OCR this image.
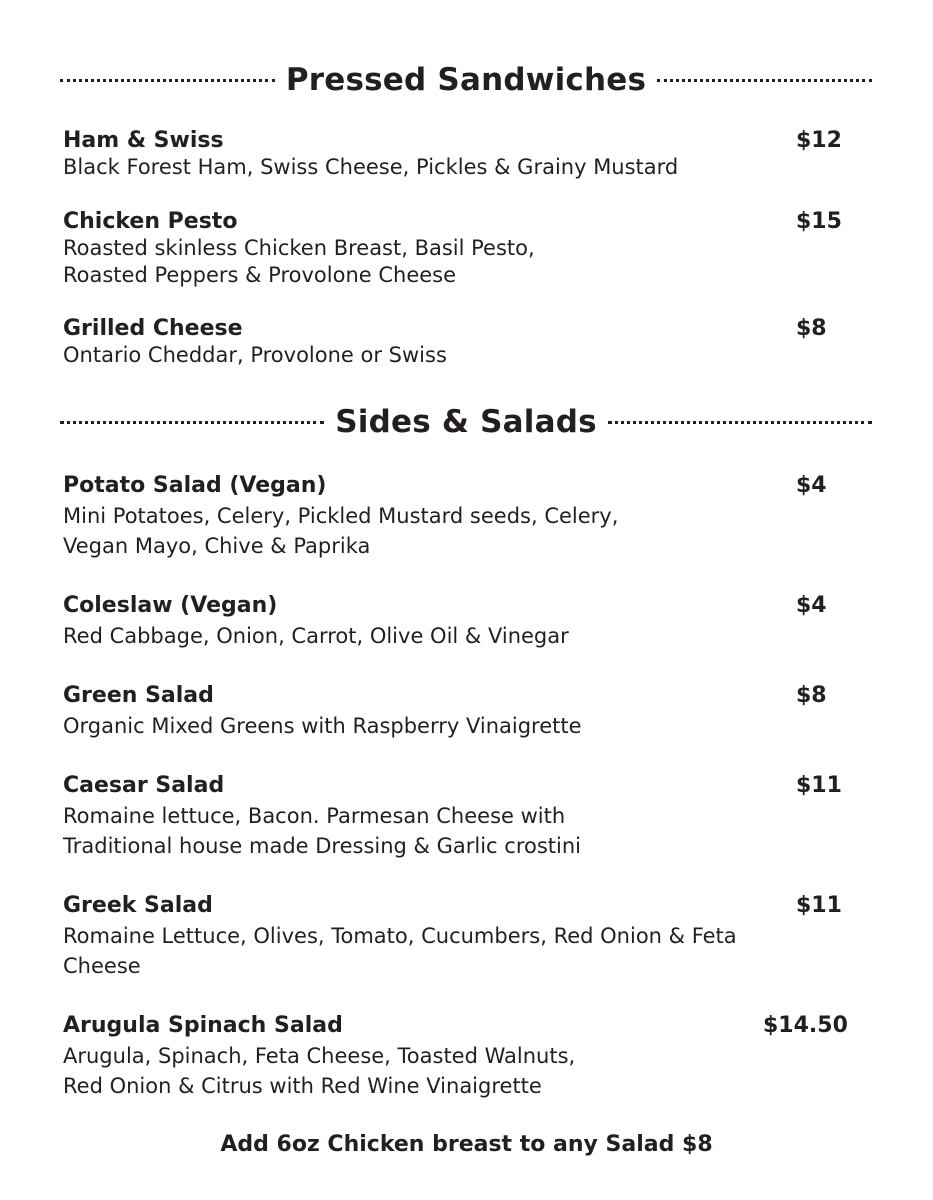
Pressed Sandwiches
Ham & Swiss	$12
Black Forest Ham, Swiss Cheese, Pickles & Grainy Mustard
Chicken Pesto	$15
Roasted skinless Chicken Breast, Basil Pesto,
Roasted Peppers & Provolone Cheese
Grilled Cheese	$8
Ontario Cheddar, Provolone or Swiss
Sides & Salads
Potato Salad (Vegan)	$4
Mini Potatoes, Celery, Pickled Mustard seeds, Celery,
Vegan Mayo, Chive & Paprika
Coleslaw (Vegan)	$4
Red Cabbage, Onion, Carrot, Olive Oil & Vinegar
Green Salad	$8
Organic Mixed Greens with Raspberry Vinaigrette
Caesar Salad	$11
Romaine lettuce, Bacon. Parmesan Cheese with
Traditional house made Dressing & Garlic crostini
Greek Salad	$11
Romaine Lettuce, Olives, Tomato, Cucumbers, Red Onion & Feta
Cheese
Arugula Spinach Salad	$14.50
Arugula, Spinach, Feta Cheese, Toasted Walnuts,
Red Onion & Citrus with Red Wine Vinaigrette
Add 6oz Chicken breast to any Salad $8
